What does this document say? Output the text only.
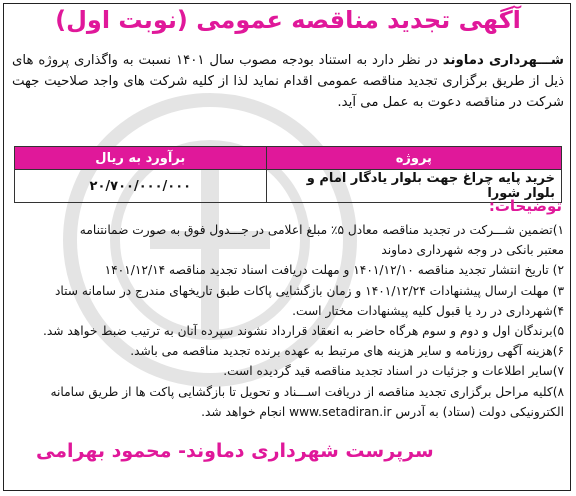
آگهی تجدید مناقصه عمومی (نوبت اول)
شـــهرداری دماوند در نظر دارد به استناد بودجه مصوب سال ۱۴۰۱ نسبت به واگذاری پروژه های ذیل از طریق برگزاری تجدید مناقصه عمومی اقدام نماید لذا از کلیه شرکت های واجد صلاحیت جهت شرکت در مناقصه دعوت به عمل می آید.
پروژه	برآورد به ریال
خرید پایه چراغ جهت بلوار یادگار امام و بلوار شورا	۲۰/۷۰۰/۰۰۰/۰۰۰
توضیحات:
۱)تضمین شـــرکت در تجدید مناقصه معادل ۵٪ مبلغ اعلامی در جـــدول فوق به صورت ضمانتنامه
معتبر بانکی در وجه شهرداری دماوند
۲) تاریخ انتشار تجدید مناقصه ۱۴۰۱/۱۲/۱۰ و مهلت دریافت اسناد تجدید مناقصه ۱۴۰۱/۱۲/۱۴
۳) مهلت ارسال پیشنهادات ۱۴۰۱/۱۲/۲۴ و زمان بازگشایی پاکات طبق تاریخهای مندرج در سامانه ستاد
۴)شهرداری در رد یا قبول کلیه پیشنهادات مختار است.
۵)برندگان اول و دوم و سوم هرگاه حاضر به انعقاد قرارداد نشوند سپرده آنان به ترتیب ضبط خواهد شد.
۶)هزینه آگهی روزنامه و سایر هزینه های مرتبط به عهده برنده تجدید مناقصه می باشد.
۷)سایر اطلاعات و جزئیات در اسناد تجدید مناقصه قید گردیده است.
۸)کلیه مراحل برگزاری تجدید مناقصه از دریافت اســـناد و تحویل تا بازگشایی پاکت ها از طریق سامانه
الکترونیکی دولت (ستاد) به آدرس www.setadiran.ir انجام خواهد شد.
سرپرست شهرداری دماوند- محمود بهرامی
